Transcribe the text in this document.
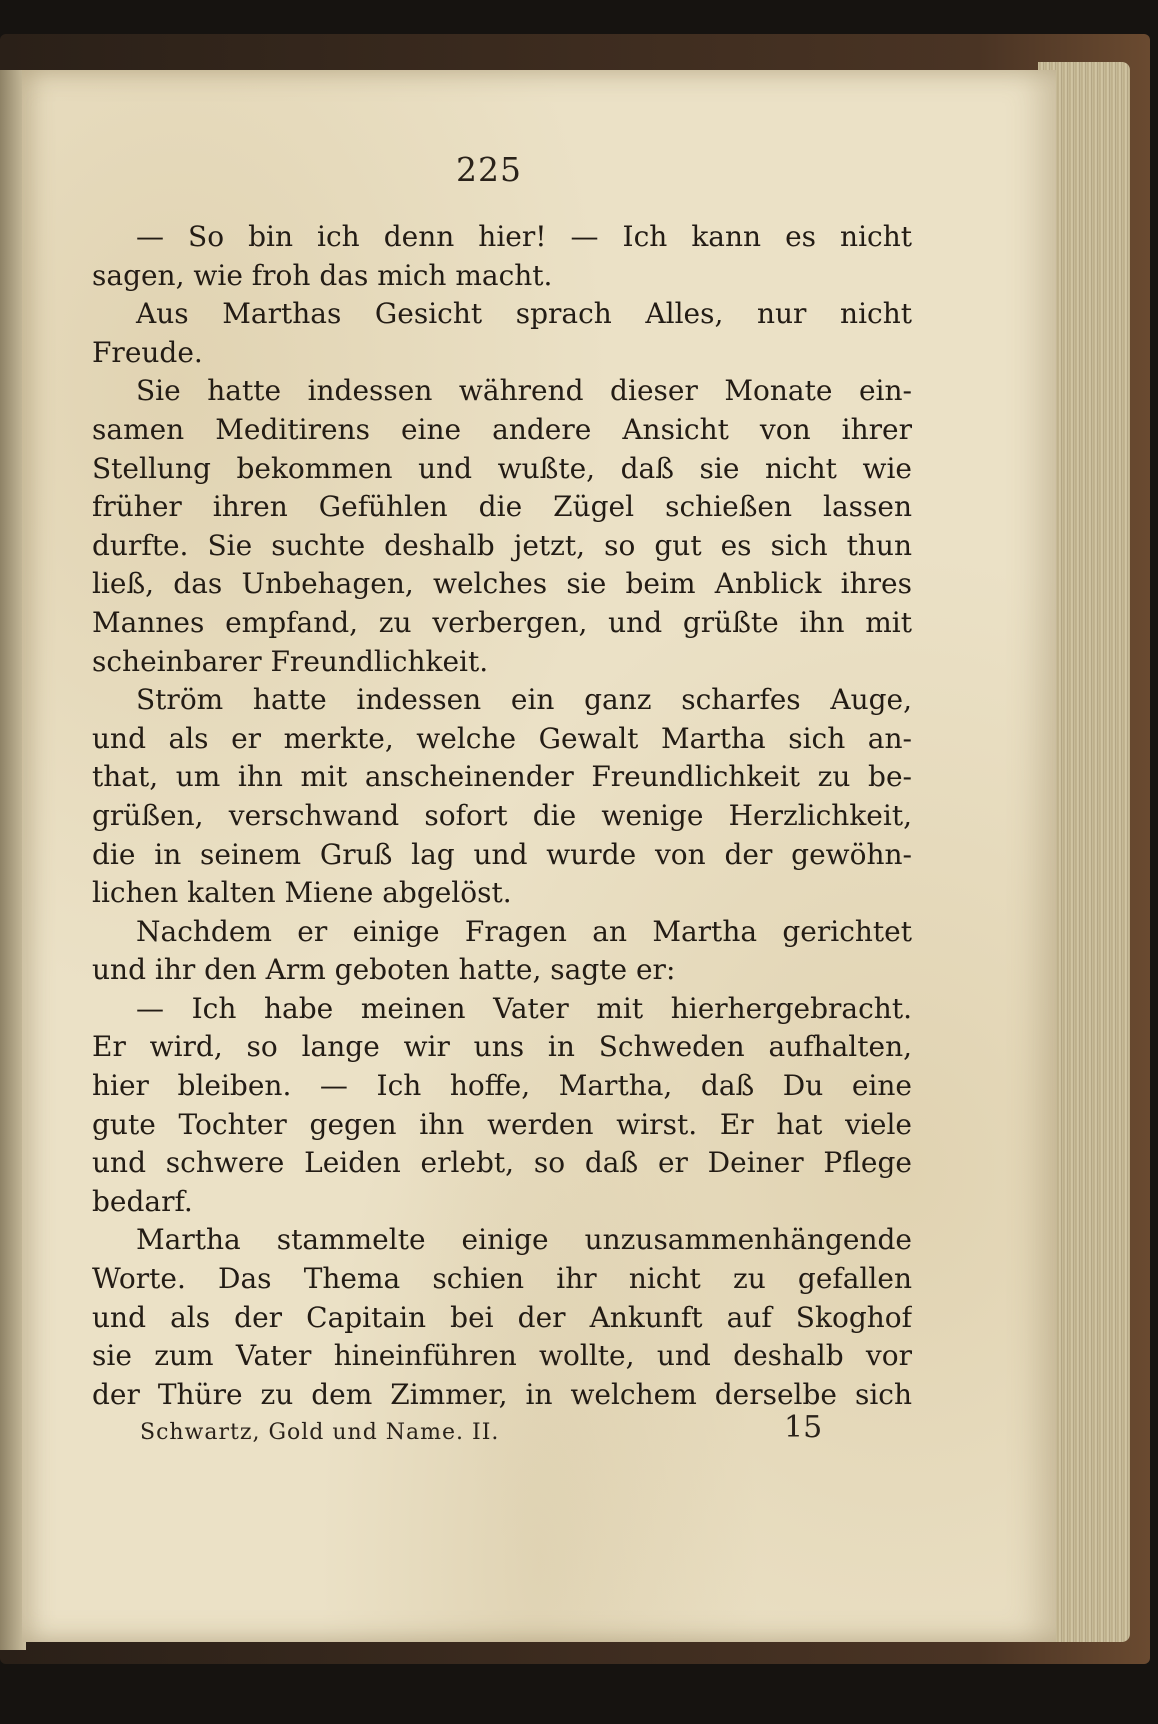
225
— So bin ich denn hier! — Ich kann es nicht
sagen, wie froh das mich macht.
Aus Marthas Gesicht sprach Alles, nur nicht
Freude.
Sie hatte indessen während dieser Monate ein-
samen Meditirens eine andere Ansicht von ihrer
Stellung bekommen und wußte, daß sie nicht wie
früher ihren Gefühlen die Zügel schießen lassen
durfte. Sie suchte deshalb jetzt, so gut es sich thun
ließ, das Unbehagen, welches sie beim Anblick ihres
Mannes empfand, zu verbergen, und grüßte ihn mit
scheinbarer Freundlichkeit.
Ström hatte indessen ein ganz scharfes Auge,
und als er merkte, welche Gewalt Martha sich an-
that, um ihn mit anscheinender Freundlichkeit zu be-
grüßen, verschwand sofort die wenige Herzlichkeit,
die in seinem Gruß lag und wurde von der gewöhn-
lichen kalten Miene abgelöst.
Nachdem er einige Fragen an Martha gerichtet
und ihr den Arm geboten hatte, sagte er:
— Ich habe meinen Vater mit hierhergebracht.
Er wird, so lange wir uns in Schweden aufhalten,
hier bleiben. — Ich hoffe, Martha, daß Du eine
gute Tochter gegen ihn werden wirst. Er hat viele
und schwere Leiden erlebt, so daß er Deiner Pflege
bedarf.
Martha stammelte einige unzusammenhängende
Worte. Das Thema schien ihr nicht zu gefallen
und als der Capitain bei der Ankunft auf Skoghof
sie zum Vater hineinführen wollte, und deshalb vor
der Thüre zu dem Zimmer, in welchem derselbe sich
Schwartz, Gold und Name. II.	15
